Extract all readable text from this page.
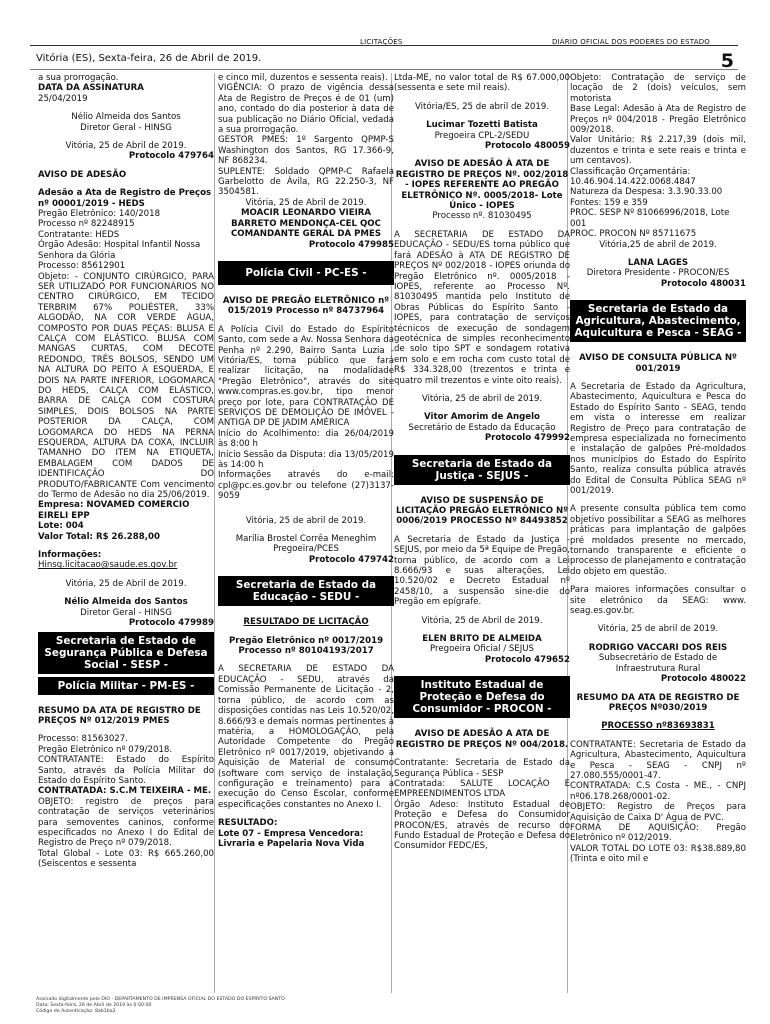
LICITAÇÕES	DIÁRIO OFICIAL DOS PODERES DO ESTADO
Vitória (ES), Sexta-feira, 26 de Abril de 2019.	5

a sua prorrogação.

DATA DA ASSINATURA

25/04/2019

Nélio Almeida dos Santos

Diretor Geral - HINSG

Vitória, 25 de Abril de 2019.

Protocolo 479764

AVISO DE ADESÃO

Adesão a Ata de Registro de Preços nº 00001/2019 - HEDS

Pregão Eletrônico: 140/2018

Processo nº 82248915

Contratante: HEDS

Órgão Adesão: Hospital Infantil Nossa Senhora da Glória

Processo: 85612901

Objeto: - CONJUNTO CIRÚRGICO, PARA SER UTILIZADO POR FUNCIONÁRIOS NO CENTRO CIRÚRGICO, EM TECIDO TERBRIM 67% POLIÉSTER, 33% ALGODÃO, NA COR VERDE ÁGUA, COMPOSTO POR DUAS PEÇAS: BLUSA E CALÇA COM ELÁSTICO. BLUSA COM MANGAS CURTAS, COM DECOTE REDONDO, TRÊS BOLSOS, SENDO UM NA ALTURA DO PEITO À ESQUERDA, E DOIS NA PARTE INFERIOR, LOGOMARCA DO HEDS, CALÇA COM ELÁSTICO, BARRA DE CALÇA COM COSTURA SIMPLES, DOIS BOLSOS NA PARTE POSTERIOR DA CALÇA, COM LOGOMARCA DO HEDS NA PERNA ESQUERDA, ALTURA DA COXA, INCLUIR TAMANHO DO ITEM NA ETIQUETA, EMBALAGEM COM DADOS DE IDENTIFICAÇÃO DO PRODUTO/FABRICANTE Com vencimento do Termo de Adesão no dia 25/06/2019.

Empresa: NOVAMED COMERCIO EIRELI EPP

Lote: 004

Valor Total: R$ 26.288,00

Informações:

Hinsg.licitacao@saude.es.gov.br

Vitória, 25 de Abril de 2019.

Nélio Almeida dos Santos

Diretor Geral - HINSG

Protocolo 479989

Secretaria de Estado de Segurança Pública e Defesa Social - SESP -
Polícia Militar - PM-ES -

RESUMO DA ATA DE REGISTRO DE PREÇOS Nº 012/2019 PMES

Processo: 81563027.

Pregão Eletrônico nº 079/2018.

CONTRATANTE: Estado do Espírito Santo, através da Polícia Militar do Estado do Espírito Santo.

CONTRATADA: S.C.M TEIXEIRA - ME.

OBJETO: registro de preços para contratação de serviços veterinários para semoventes caninos, conforme especificados no Anexo I do Edital de Registro de Preço nº 079/2018.

Total Global - Lote 03: R$ 665.260,00 (Seiscentos e sessenta

e cinco mil, duzentos e sessenta reais).

VIGÊNCIA: O prazo de vigência dessa Ata de Registro de Preços é de 01 (um) ano, contado do dia posterior à data de sua publicação no Diário Oficial, vedada a sua prorrogação.

GESTOR PMES: 1º Sargento QPMP-S Washington dos Santos, RG 17.366-9, NF 868234.

SUPLENTE: Soldado QPMP-C Rafaela Garbelotto de Ávila, RG 22.250-3, NF 3504581.

Vitória, 25 de Abril de 2019.

MOACIR LEONARDO VIEIRA BARRETO MENDONÇA-CEL QOC COMANDANTE GERAL DA PMES

Protocolo 479985

Polícia Civil - PC-ES -

AVISO DE PREGÃO ELETRÔNICO nº 015/2019 Processo nº 84737964

A Polícia Civil do Estado do Espírito Santo, com sede a Av. Nossa Senhora da Penha nº 2.290, Bairro Santa Luzia - Vitória/ES, torna público que fará realizar licitação, na modalidade "Pregão Eletrônico", através do site www.compras.es.gov.br, tipo menor preço por lote, para CONTRATAÇÃO DE SERVIÇOS DE DEMOLIÇÃO DE IMÓVEL - ANTIGA DP DE JADIM AMÉRICA

Início do Acolhimento: dia 26/04/2019 às 8:00 h

Início Sessão da Disputa: dia 13/05/2019 às 14:00 h

Informações através do e-mail: cpl@pc.es.gov.br ou telefone (27)3137-9059

Vitória, 25 de abril de 2019.

Marília Brostel Corrêa Meneghim

Pregoeira/PCES

Protocolo 479742

Secretaria de Estado da Educação - SEDU -

RESULTADO DE LICITAÇÃO

Pregão Eletrônico nº 0017/2019 Processo nº 80104193/2017

A SECRETARIA DE ESTADO DA EDUCAÇÃO - SEDU, através da Comissão Permanente de Licitação - 2, torna público, de acordo com as disposições contidas nas Leis 10.520/02, 8.666/93 e demais normas pertinentes à matéria, a HOMOLOGAÇÃO, pela Autoridade Competente do Pregão Eletrônico nº 0017/2019, objetivando a Aquisição de Material de consumo (software com serviço de instalação, configuração e treinamento) para a execução do Censo Escolar, conforme especificações constantes no Anexo I.

RESULTADO:

Lote 07 - Empresa Vencedora: Livraria e Papelaria Nova Vida

Ltda-ME, no valor total de R$ 67.000,00 (sessenta e sete mil reais).

Vitória/ES, 25 de abril de 2019.

Lucimar Tozetti Batista

Pregoeira CPL-2/SEDU

Protocolo 480059

AVISO DE ADESÃO À ATA DE REGISTRO DE PREÇOS Nº. 002/2018 - IOPES REFERENTE AO PREGÃO ELETRÔNICO Nº. 0005/2018- Lote Único - IOPES

Processo nº. 81030495

A SECRETARIA DE ESTADO DA EDUCAÇÃO - SEDU/ES torna público que fará ADESÃO à ATA DE REGISTRO DE PREÇOS Nº 002/2018 - IOPES oriunda do Pregão Eletrônico nº. 0005/2018 - IOPES, referente ao Processo Nº. 81030495 mantida pelo Instituto de Obras Públicas do Espírito Santo - IOPES, para contratação de serviços técnicos de execução de sondagem geotécnica de simples reconhecimento de solo tipo SPT e sondagem rotativa em solo e em rocha com custo total de R$ 334.328,00 (trezentos e trinta e quatro mil trezentos e vinte oito reais).

Vitória, 25 de abril de 2019.

Vitor Amorim de Angelo

Secretário de Estado da Educação

Protocolo 479992

Secretaria de Estado da Justiça - SEJUS -

AVISO DE SUSPENSÃO DE LICITAÇÃO PREGÃO ELETRÔNICO Nº 0006/2019 PROCESSO Nº 84493852

A Secretaria de Estado da Justiça - SEJUS, por meio da 5ª Equipe de Pregão, torna público, de acordo com a Lei 8.666/93 e suas alterações, Lei 10.520/02 e Decreto Estadual nº 2458/10, a suspensão sine-die do Pregão em epígrafe.

Vitória, 25 de Abril de 2019.

ELEN BRITO DE ALMEIDA

Pregoeira Oficial / SEJUS

Protocolo 479652

Instituto Estadual de Proteção e Defesa do Consumidor - PROCON -

AVISO DE ADESÃO A ATA DE REGISTRO DE PREÇOS Nº 004/2018.

Contratante: Secretaria de Estado da Segurança Pública - SESP

Contratada: SALUTE LOCAÇÃO E EMPREENDIMENTOS LTDA

Órgão Adeso: Instituto Estadual de Proteção e Defesa do Consumidor PROCON/ES, através de recurso do Fundo Estadual de Proteção e Defesa do Consumidor FEDC/ES,

Objeto: Contratação de serviço de locação de 2 (dois) veículos, sem motorista

Base Legal: Adesão à Ata de Registro de Preços nº 004/2018 - Pregão Eletrônico 009/2018.

Valor Unitário: R$ 2.217,39 (dois mil, duzentos e trinta e sete reais e trinta e um centavos).

Classificação Orçamentária: 10.46.904.14.422.0068.4847

Natureza da Despesa: 3.3.90.33.00

Fontes: 159 e 359

PROC. SESP Nº 81066996/2018, Lote 001

PROC. PROCON Nº 85711675

Vitória,25 de abril de 2019.

LANA LAGES

Diretora Presidente - PROCON/ES

Protocolo 480031

Secretaria de Estado da Agricultura, Abastecimento, Aquicultura e Pesca - SEAG -

AVISO DE CONSULTA PÚBLICA Nº 001/2019

A Secretaria de Estado da Agricultura, Abastecimento, Aquicultura e Pesca do Estado do Espírito Santo - SEAG, tendo em vista o interesse em realizar Registro de Preço para contratação de empresa especializada no fornecimento e instalação de galpões Pré-moldados nos municípios do Estado do Espírito Santo, realiza consulta pública através do Edital de Consulta Pública SEAG nº 001/2019.

A presente consulta pública tem como objetivo possibilitar a SEAG as melhores práticas para implantação de galpões pré moldados presente no mercado, tornando transparente e eficiente o processo de planejamento e contratação do objeto em questão.

Para maiores informações consultar o site eletrônico da SEAG: www. seag.es.gov.br.

Vitória, 25 de abril de 2019.

RODRIGO VACCARI DOS REIS

Subsecretário de Estado de Infraestrutura Rural

Protocolo 480022

RESUMO DA ATA DE REGISTRO DE PREÇOS Nº030/2019

PROCESSO nº83693831

CONTRATANTE: Secretaria de Estado da Agricultura, Abastecimento, Aquicultura e Pesca - SEAG - CNPJ nº 27.080.555/0001-47.

CONTRATADA: C.S Costa - ME., - CNPJ nº06.178.268/0001-02.

OBJETO: Registro de Preços para Aquisição de Caixa D' Água de PVC.

FORMA DE AQUISIÇÃO: Pregão Eletrônico nº 012/2019.

VALOR TOTAL DO LOTE 03: R$38.889,80 (Trinta e oito mil e

Assinado digitalmente pelo DIO - DEPARTAMENTO DE IMPRENSA OFICIAL DO ESTADO DO ESPÍRITO SANTO
Data: Sexta-feira, 26 de Abril de 2019 às 0:00:00
Código de Autenticação: 8ab1ba2
